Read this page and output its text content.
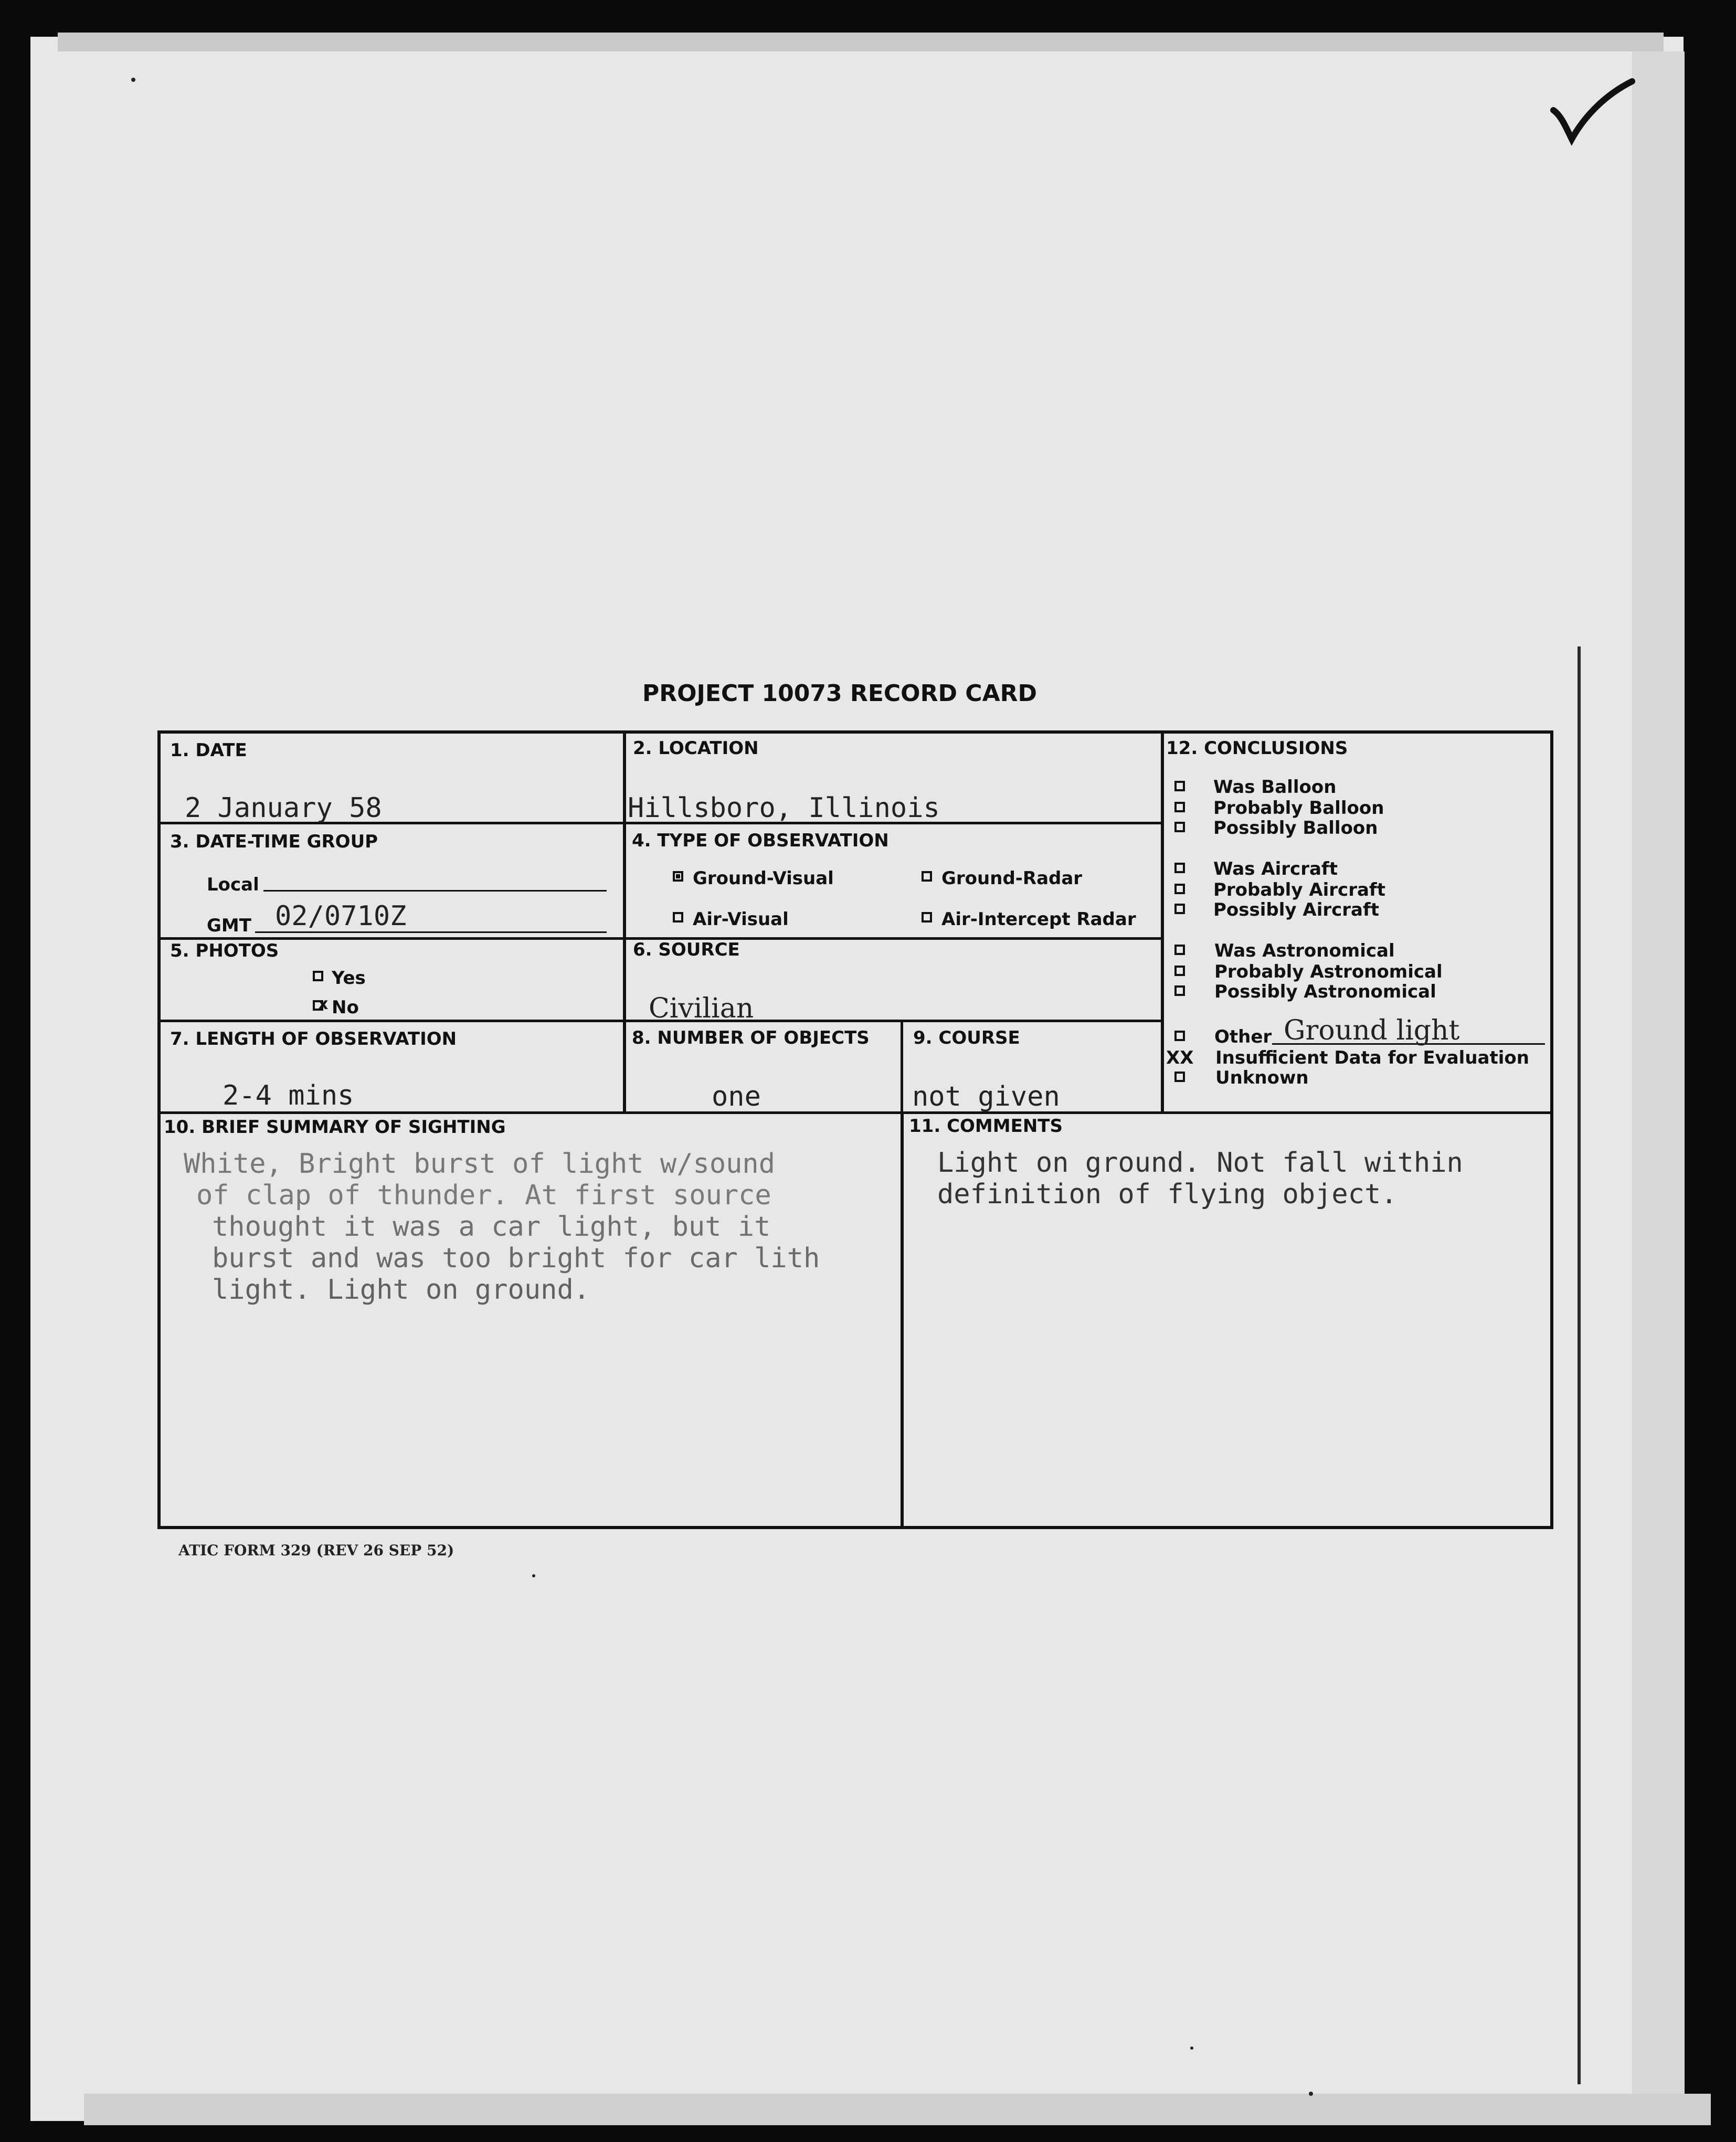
PROJECT 10073 RECORD CARD
1. DATE
2 January 58
2. LOCATION
Hillsboro, Illinois
3. DATE-TIME GROUP
Local
GMT 02/0710Z
4. TYPE OF OBSERVATION
Ground-Visual	Ground-Radar
Air-Visual	Air-Intercept Radar
5. PHOTOS
Yes
x No
6. SOURCE
Civilian
7. LENGTH OF OBSERVATION
2-4 mins
8. NUMBER OF OBJECTS
one
9. COURSE
not given
10. BRIEF SUMMARY OF SIGHTING
White, Bright burst of light w/sound
of clap of thunder. At first source
thought it was a car light, but it
burst and was too bright for car lith
light. Light on ground.
11. COMMENTS
Light on ground. Not fall within
definition of flying object.
12. CONCLUSIONS
Was Balloon
Probably Balloon
Possibly Balloon
Was Aircraft
Probably Aircraft
Possibly Aircraft
Was Astronomical
Probably Astronomical
Possibly Astronomical
Other Ground light
XX Insufficient Data for Evaluation
Unknown
ATIC FORM 329 (REV 26 SEP 52)
